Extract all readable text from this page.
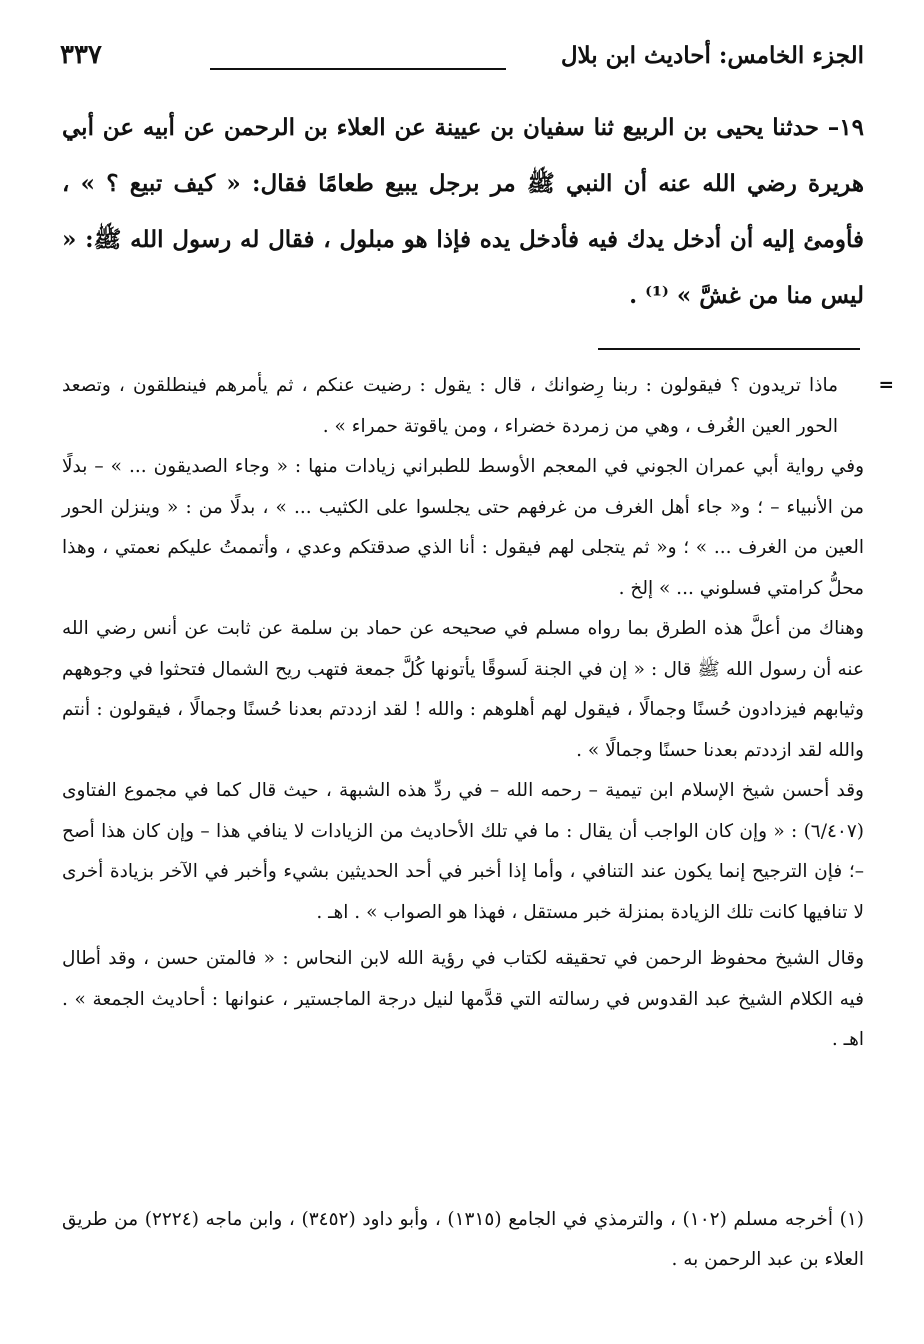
الجزء الخامس: أحاديث ابن بلال
٣٣٧
١٩– حدثنا يحيى بن الربيع ثنا سفيان بن عيينة عن العلاء بن الرحمن عن أبيه عن أبي هريرة رضي الله عنه أن النبي ﷺ مر برجل يبيع طعامًا فقال: « كيف تبيع ؟ » ، فأومئ إليه أن أدخل يدك فيه فأدخل يده فإذا هو مبلول ، فقال له رسول الله ﷺ: « ليس منا من غشَّ » ⁽¹⁾ .

=
ماذا تريدون ؟ فيقولون : ربنا رِضوانك ، قال : يقول : رضيت عنكم ، ثم يأمرهم فينطلقون ، وتصعد الحور العين الغُرف ، وهي من زمردة خضراء ، ومن ياقوتة حمراء » .

وفي رواية أبي عمران الجوني في المعجم الأوسط للطبراني زيادات منها : « وجاء الصديقون ... » – بدلًا من الأنبياء – ؛ و« جاء أهل الغرف من غرفهم حتى يجلسوا على الكثيب ... » ، بدلًا من : « وينزلن الحور العين من الغرف ... » ؛ و« ثم يتجلى لهم فيقول : أنا الذي صدقتكم وعدي ، وأتممتُ عليكم نعمتي ، وهذا محلُّ كرامتي فسلوني ... » إلخ .

وهناك من أعلَّ هذه الطرق بما رواه مسلم في صحيحه عن حماد بن سلمة عن ثابت عن أنس رضي الله عنه أن رسول الله ﷺ قال : « إن في الجنة لَسوقًا يأتونها كُلَّ جمعة فتهب ريح الشمال فتحثوا في وجوههم وثيابهم فيزدادون حُسنًا وجمالًا ، فيقول لهم أهلوهم : والله ! لقد ازددتم بعدنا حُسنًا وجمالًا ، فيقولون : أنتم والله لقد ازددتم بعدنا حسنًا وجمالًا » .

وقد أحسن شيخ الإسلام ابن تيمية – رحمه الله – في ردِّ هذه الشبهة ، حيث قال كما في مجموع الفتاوى (٦/٤٠٧) : « وإن كان الواجب أن يقال : ما في تلك الأحاديث من الزيادات لا ينافي هذا – وإن كان هذا أصح –؛ فإن الترجيح إنما يكون عند التنافي ، وأما إذا أخبر في أحد الحديثين بشيء وأخبر في الآخر بزيادة أخرى لا تنافيها كانت تلك الزيادة بمنزلة خبر مستقل ، فهذا هو الصواب » . اهـ .

وقال الشيخ محفوظ الرحمن في تحقيقه لكتاب في رؤية الله لابن النحاس : « فالمتن حسن ، وقد أطال فيه الكلام الشيخ عبد القدوس في رسالته التي قدَّمها لنيل درجة الماجستير ، عنوانها : أحاديث الجمعة » . اهـ .

(١) أخرجه مسلم (١٠٢) ، والترمذي في الجامع (١٣١٥) ، وأبو داود (٣٤٥٢) ، وابن ماجه (٢٢٢٤) من طريق العلاء بن عبد الرحمن به .
